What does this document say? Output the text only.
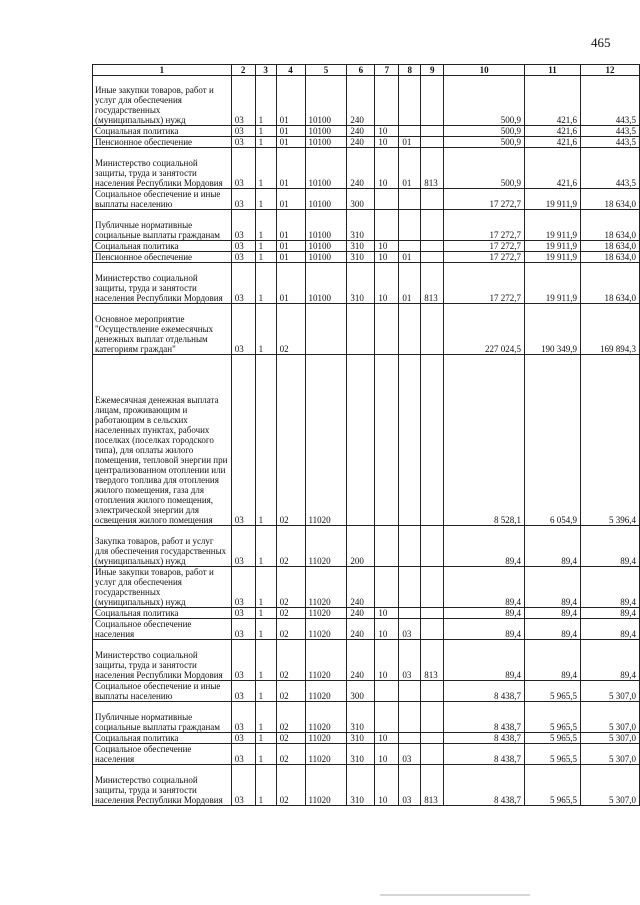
465
1	2	3	4	5	6	7	8	9	10	11	12
Иные закупки товаров, работ и услуг для обеспечения государственных (муниципальных) нужд	03	1	01	10100	240				500,9	421,6	443,5
Социальная политика	03	1	01	10100	240	10			500,9	421,6	443,5
Пенсионное обеспечение	03	1	01	10100	240	10	01		500,9	421,6	443,5
Министерство социальной защиты, труда и занятости населения Республики Мордовия	03	1	01	10100	240	10	01	813	500,9	421,6	443,5
Социальное обеспечение и иные выплаты населению	03	1	01	10100	300				17 272,7	19 911,9	18 634,0
Публичные нормативные социальные выплаты гражданам	03	1	01	10100	310				17 272,7	19 911,9	18 634,0
Социальная политика	03	1	01	10100	310	10			17 272,7	19 911,9	18 634,0
Пенсионное обеспечение	03	1	01	10100	310	10	01		17 272,7	19 911,9	18 634,0
Министерство социальной защиты, труда и занятости населения Республики Мордовия	03	1	01	10100	310	10	01	813	17 272,7	19 911,9	18 634,0
Основное мероприятие "Осуществление ежемесячных денежных выплат отдельным категориям граждан"	03	1	02						227 024,5	190 349,9	169 894,3
Ежемесячная денежная выплата лицам, проживающим и работающим в сельских населенных пунктах, рабочих поселках (поселках городского типа), для оплаты жилого помещения, тепловой энергии при централизованном отоплении или твердого топлива для отопления жилого помещения, газа для отопления жилого помещения, электрической энергии для освещения жилого помещения	03	1	02	11020					8 528,1	6 054,9	5 396,4
Закупка товаров, работ и услуг для обеспечения государственных (муниципальных) нужд	03	1	02	11020	200				89,4	89,4	89,4
Иные закупки товаров, работ и услуг для обеспечения государственных (муниципальных) нужд	03	1	02	11020	240				89,4	89,4	89,4
Социальная политика	03	1	02	11020	240	10			89,4	89,4	89,4
Социальное обеспечение населения	03	1	02	11020	240	10	03		89,4	89,4	89,4
Министерство социальной защиты, труда и занятости населения Республики Мордовия	03	1	02	11020	240	10	03	813	89,4	89,4	89,4
Социальное обеспечение и иные выплаты населению	03	1	02	11020	300				8 438,7	5 965,5	5 307,0
Публичные нормативные социальные выплаты гражданам	03	1	02	11020	310				8 438,7	5 965,5	5 307,0
Социальная политика	03	1	02	11020	310	10			8 438,7	5 965,5	5 307,0
Социальное обеспечение населения	03	1	02	11020	310	10	03		8 438,7	5 965,5	5 307,0
Министерство социальной защиты, труда и занятости населения Республики Мордовия	03	1	02	11020	310	10	03	813	8 438,7	5 965,5	5 307,0
